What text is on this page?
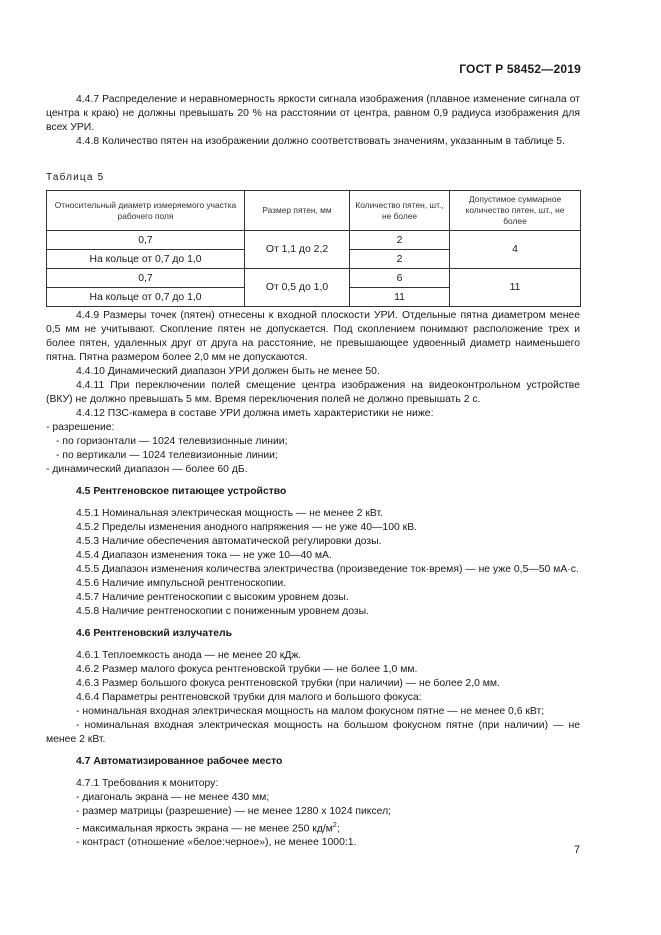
ГОСТ Р 58452—2019

4.4.7 Распределение и неравномерность яркости сигнала изображения (плавное изменение сигнала от центра к краю) не должны превышать 20 % на расстоянии от центра, равном 0,9 радиуса изображения для всех УРИ.

4.4.8 Количество пятен на изображении должно соответствовать значениям, указанным в таблице 5.

Таблица 5
Относительный диаметр измеряемого участка рабочего поля	Размер пятен, мм	Количество пятен, шт., не более	Допустимое суммарное количество пятен, шт., не более
0,7	От 1,1 до 2,2	2	4
На кольце от 0,7 до 1,0		2	
0,7	От 0,5 до 1,0	6	11
На кольце от 0,7 до 1,0		11	

4.4.9 Размеры точек (пятен) отнесены к входной плоскости УРИ. Отдельные пятна диаметром менее 0,5 мм не учитывают. Скопление пятен не допускается. Под скоплением понимают расположение трех и более пятен, удаленных друг от друга на расстояние, не превышающее удвоенный диаметр наименьшего пятна. Пятна размером более 2,0 мм не допускаются.

4.4.10 Динамический диапазон УРИ должен быть не менее 50.

4.4.11 При переключении полей смещение центра изображения на видеоконтрольном устройстве (ВКУ) не должно превышать 5 мм. Время переключения полей не должно превышать 2 с.

4.4.12 ПЗС-камера в составе УРИ должна иметь характеристики не ниже:

- разрешение:

- по горизонтали — 1024 телевизионные линии;

- по вертикали — 1024 телевизионные линии;

- динамический диапазон — более 60 дБ.

4.5 Рентгеновское питающее устройство

4.5.1 Номинальная электрическая мощность — не менее 2 кВт.

4.5.2 Пределы изменения анодного напряжения — не уже 40—100 кВ.

4.5.3 Наличие обеспечения автоматической регулировки дозы.

4.5.4 Диапазон изменения тока — не уже 10—40 мА.

4.5.5 Диапазон изменения количества электричества (произведение ток·время) — не уже 0,5—50 мА·с.

4.5.6 Наличие импульсной рентгеноскопии.

4.5.7 Наличие рентгеноскопии с высоким уровнем дозы.

4.5.8 Наличие рентгеноскопии с пониженным уровнем дозы.

4.6 Рентгеновский излучатель

4.6.1 Теплоемкость анода — не менее 20 кДж.

4.6.2 Размер малого фокуса рентгеновской трубки — не более 1,0 мм.

4.6.3 Размер большого фокуса рентгеновской трубки (при наличии) — не более 2,0 мм.

4.6.4 Параметры рентгеновской трубки для малого и большого фокуса:

- номинальная входная электрическая мощность на малом фокусном пятне — не менее 0,6 кВт;

- номинальная входная электрическая мощность на большом фокусном пятне (при наличии) — не менее 2 кВт.

4.7 Автоматизированное рабочее место

4.7.1 Требования к монитору:

- диагональ экрана — не менее 430 мм;

- размер матрицы (разрешение) — не менее 1280 х 1024 пиксел;

- максимальная яркость экрана — не менее 250 $кд/м^2$;

- контраст (отношение «белое:черное»), не менее 1000:1.

7
